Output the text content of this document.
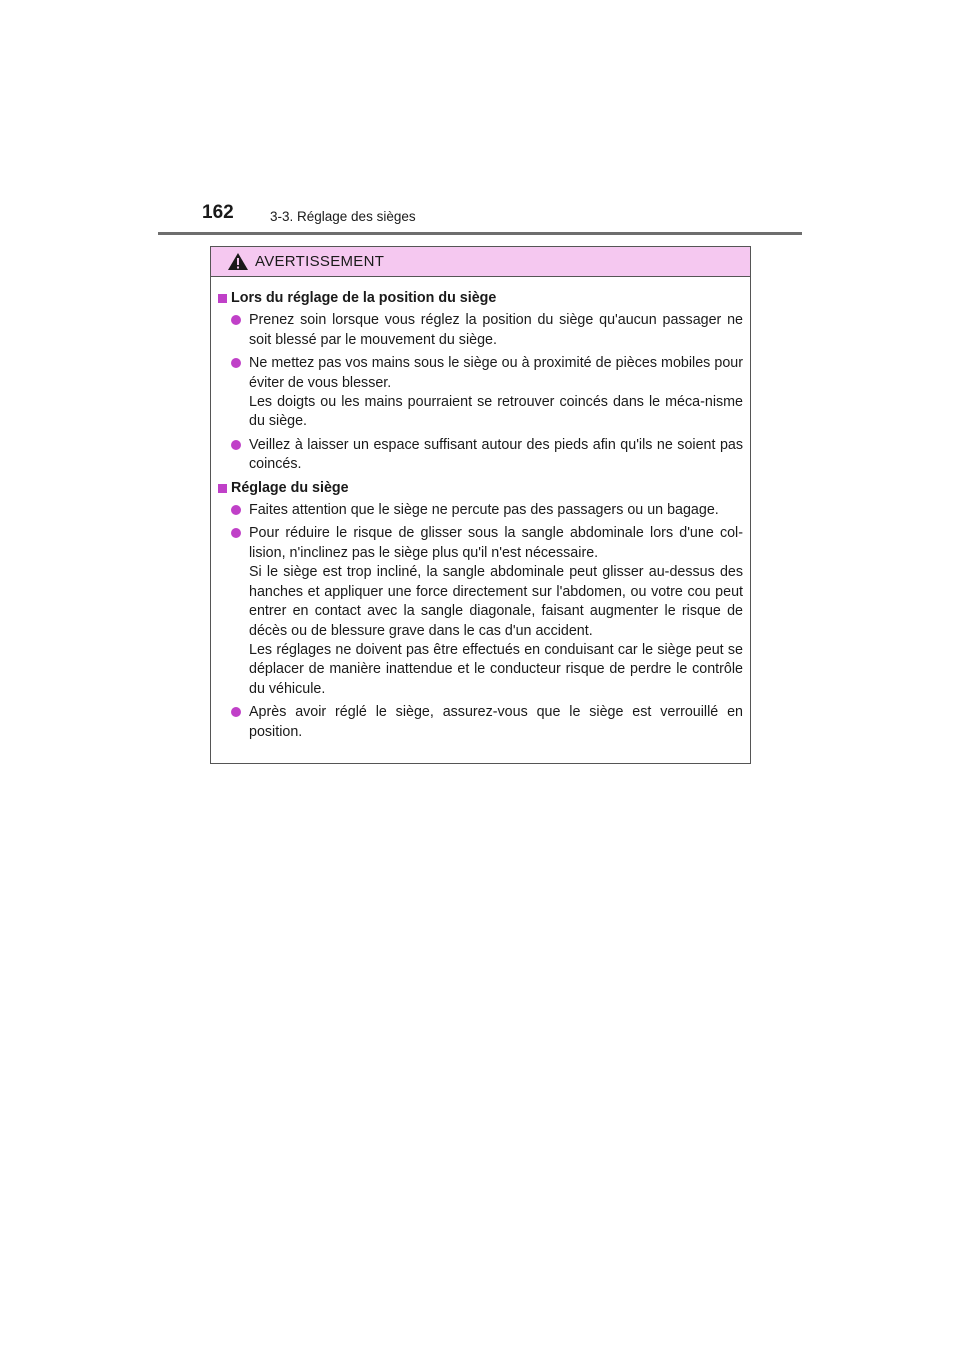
162	3-3. Réglage des sièges
AVERTISSEMENT
Lors du réglage de la position du siège

Prenez soin lorsque vous réglez la position du siège qu'aucun passager ne soit blessé par le mouvement du siège.

Ne mettez pas vos mains sous le siège ou à proximité de pièces mobiles pour éviter de vous blesser.

Les doigts ou les mains pourraient se retrouver coincés dans le méca-nisme du siège.

Veillez à laisser un espace suffisant autour des pieds afin qu'ils ne soient pas coincés.

Réglage du siège

Faites attention que le siège ne percute pas des passagers ou un bagage.

Pour réduire le risque de glisser sous la sangle abdominale lors d'une col-lision, n'inclinez pas le siège plus qu'il n'est nécessaire.

Si le siège est trop incliné, la sangle abdominale peut glisser au-dessus des hanches et appliquer une force directement sur l'abdomen, ou votre cou peut entrer en contact avec la sangle diagonale, faisant augmenter le risque de décès ou de blessure grave dans le cas d'un accident.

Les réglages ne doivent pas être effectués en conduisant car le siège peut se déplacer de manière inattendue et le conducteur risque de perdre le contrôle du véhicule.

Après avoir réglé le siège, assurez-vous que le siège est verrouillé en position.
